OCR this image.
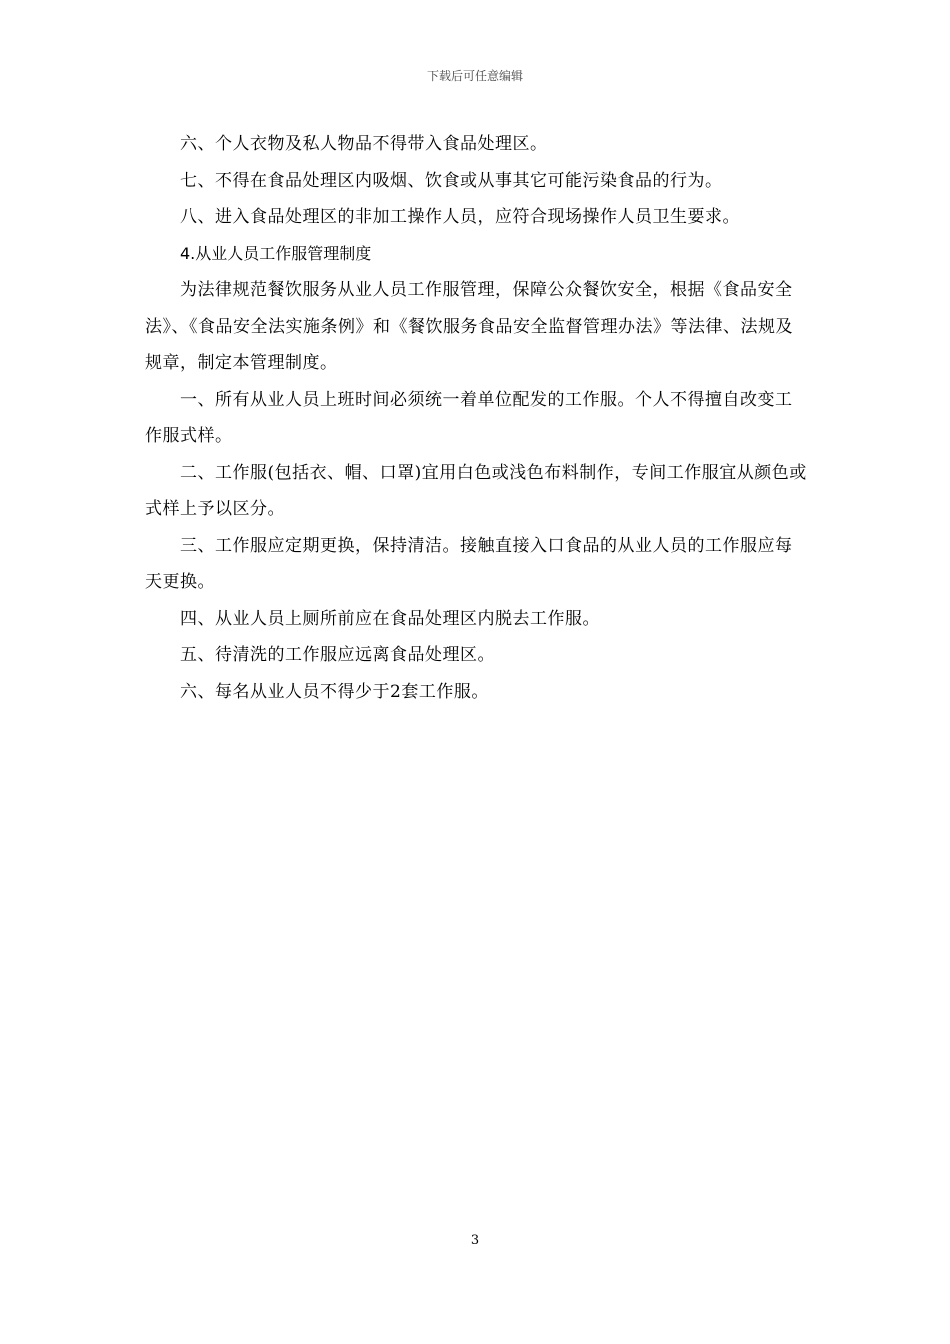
下载后可任意编辑

六、个人衣物及私人物品不得带入食品处理区。

七、不得在食品处理区内吸烟、饮食或从事其它可能污染食品的行为。

八、进入食品处理区的非加工操作人员，应符合现场操作人员卫生要求。

4.从业人员工作服管理制度

为法律规范餐饮服务从业人员工作服管理，保障公众餐饮安全，根据《食品安全法》、《食品安全法实施条例》和《餐饮服务食品安全监督管理办法》等法律、法规及规章，制定本管理制度。

一、所有从业人员上班时间必须统一着单位配发的工作服。个人不得擅自改变工作服式样。

二、工作服(包括衣、帽、口罩)宜用白色或浅色布料制作，专间工作服宜从颜色或式样上予以区分。

三、工作服应定期更换，保持清洁。接触直接入口食品的从业人员的工作服应每天更换。

四、从业人员上厕所前应在食品处理区内脱去工作服。

五、待清洗的工作服应远离食品处理区。

六、每名从业人员不得少于2套工作服。

3
